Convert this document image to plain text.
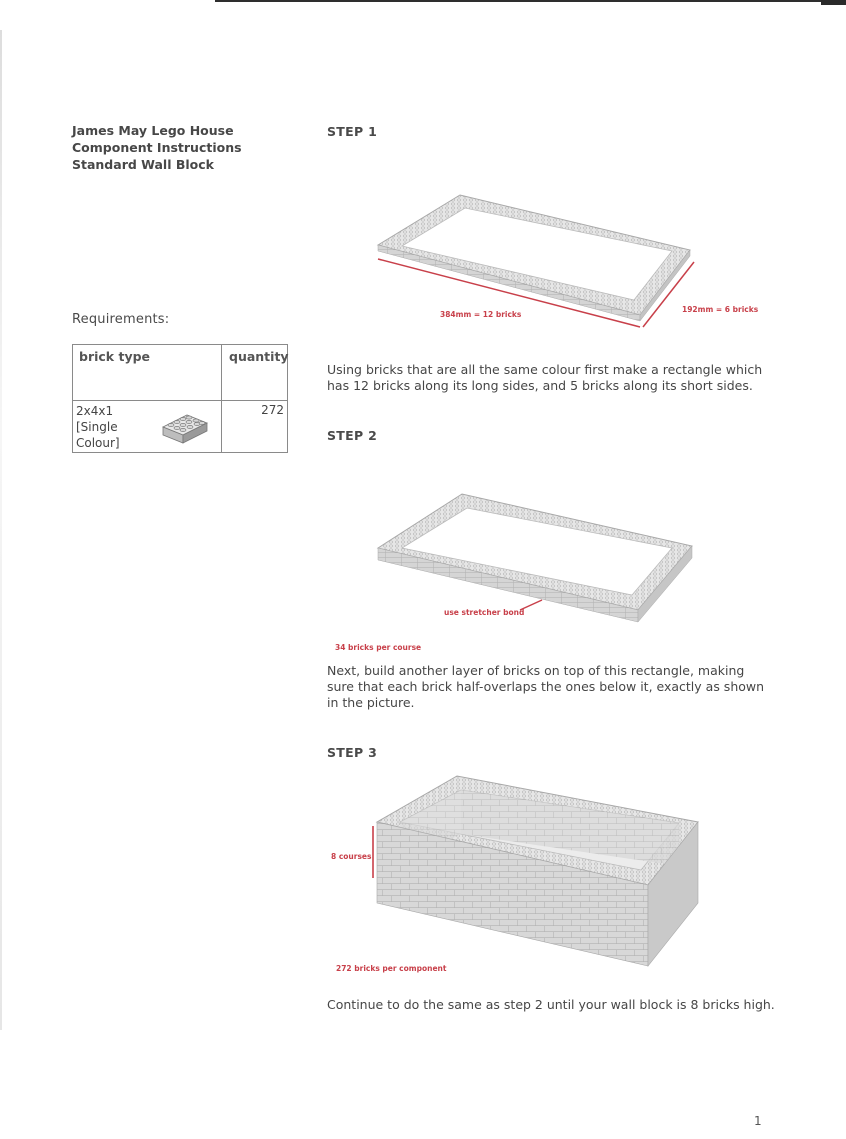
James May Lego House
Component Instructions
Standard Wall Block
Requirements:
brick type	quantity
2x4x1
[Single
Colour]
272
STEP 1
384mm = 12 bricks
192mm = 6 bricks
Using bricks that are all the same colour first make a rectangle which
has 12 bricks along its long sides, and 5 bricks along its short sides.
STEP 2
use stretcher bond
34 bricks per course
Next, build another layer of bricks on top of this rectangle, making
sure that each brick half-overlaps the ones below it, exactly as shown
in the picture.
STEP 3
8 courses
272 bricks per component
Continue to do the same as step 2 until your wall block is 8 bricks high.
1
